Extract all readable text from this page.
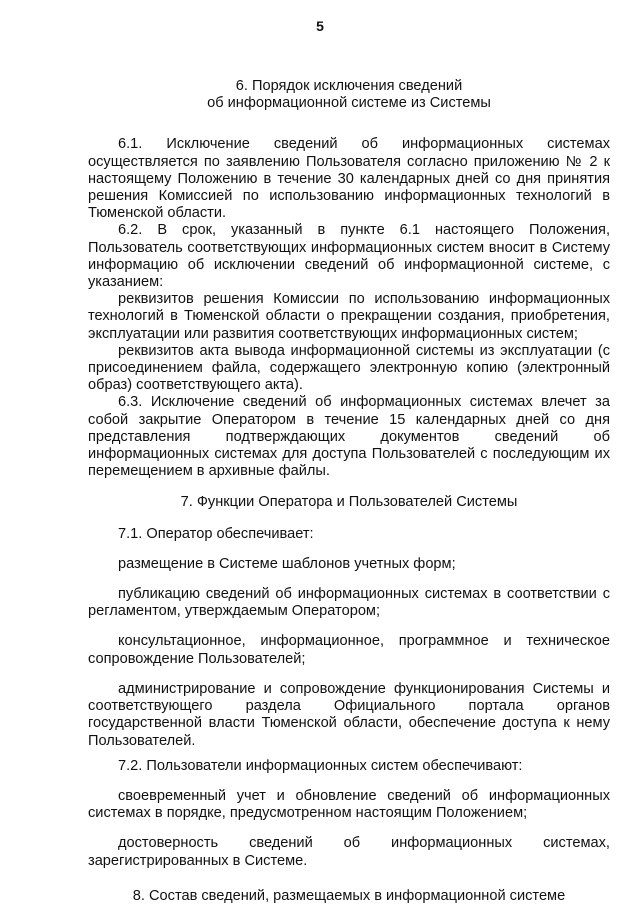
5

6. Порядок исключения сведений

об информационной системе из Системы

6.1. Исключение сведений об информационных системах осуществляется по заявлению Пользователя согласно приложению № 2 к настоящему Положению в течение 30 календарных дней со дня принятия решения Комиссией по использованию информационных технологий в Тюменской области.

6.2. В срок, указанный в пункте 6.1 настоящего Положения, Пользователь соответствующих информационных систем вносит в Систему информацию об исключении сведений об информационной системе, с указанием:

реквизитов решения Комиссии по использованию информационных технологий в Тюменской области о прекращении создания, приобретения, эксплуатации или развития соответствующих информационных систем;

реквизитов акта вывода информационной системы из эксплуатации (с присоединением файла, содержащего электронную копию (электронный образ) соответствующего акта).

6.3. Исключение сведений об информационных системах влечет за собой закрытие Оператором в течение 15 календарных дней со дня представления подтверждающих документов сведений об информационных системах для доступа Пользователей с последующим их перемещением в архивные файлы.

7. Функции Оператора и Пользователей Системы

7.1. Оператор обеспечивает:

размещение в Системе шаблонов учетных форм;

публикацию сведений об информационных системах в соответствии с регламентом, утверждаемым Оператором;

консультационное, информационное, программное и техническое сопровождение Пользователей;

администрирование и сопровождение функционирования Системы и соответствующего раздела Официального портала органов государственной власти Тюменской области, обеспечение доступа к нему Пользователей.

7.2. Пользователи информационных систем обеспечивают:

своевременный учет и обновление сведений об информационных системах в порядке, предусмотренном настоящим Положением;

достоверность сведений об информационных системах, зарегистрированных в Системе.

8. Состав сведений, размещаемых в информационной системе
